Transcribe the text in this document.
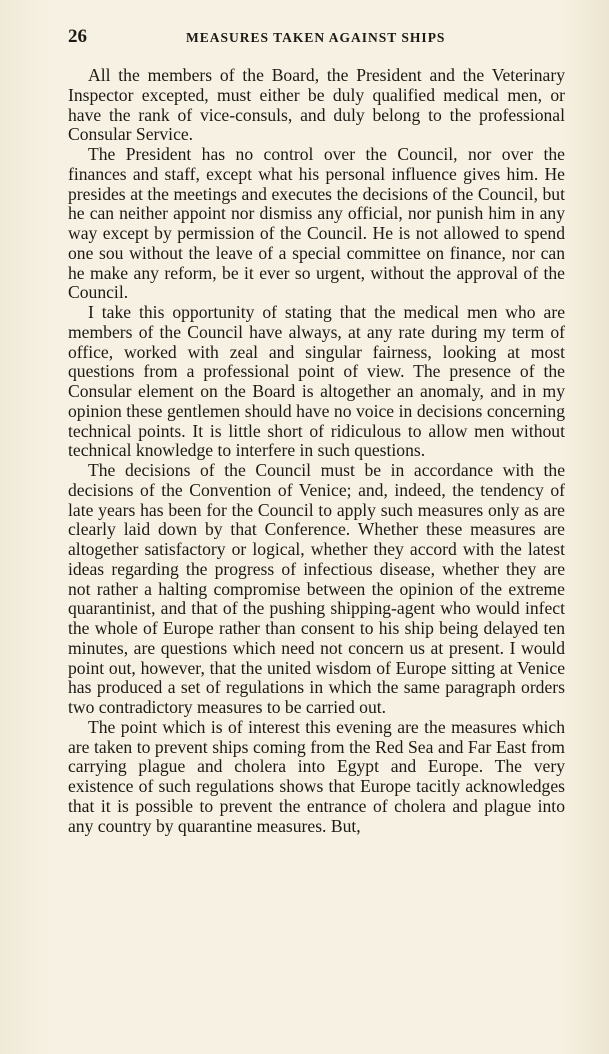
26	MEASURES TAKEN AGAINST SHIPS

All the members of the Board, the President and the Veterinary Inspector excepted, must either be duly qualified medical men, or have the rank of vice-consuls, and duly belong to the professional Consular Service.

The President has no control over the Council, nor over the finances and staff, except what his personal influence gives him. He presides at the meetings and executes the decisions of the Council, but he can neither appoint nor dismiss any official, nor punish him in any way except by permission of the Council. He is not allowed to spend one sou without the leave of a special committee on finance, nor can he make any reform, be it ever so urgent, without the approval of the Council.

I take this opportunity of stating that the medical men who are members of the Council have always, at any rate during my term of office, worked with zeal and singular fairness, looking at most questions from a professional point of view. The presence of the Consular element on the Board is altogether an anomaly, and in my opinion these gentlemen should have no voice in decisions concerning technical points. It is little short of ridiculous to allow men without technical knowledge to interfere in such questions.

The decisions of the Council must be in accordance with the decisions of the Convention of Venice; and, indeed, the tendency of late years has been for the Council to apply such measures only as are clearly laid down by that Conference. Whether these measures are altogether satisfactory or logical, whether they accord with the latest ideas regarding the progress of infectious disease, whether they are not rather a halting compromise between the opinion of the extreme quarantinist, and that of the pushing shipping-agent who would infect the whole of Europe rather than consent to his ship being delayed ten minutes, are questions which need not concern us at present. I would point out, however, that the united wisdom of Europe sitting at Venice has produced a set of regulations in which the same paragraph orders two contradictory measures to be carried out.

The point which is of interest this evening are the measures which are taken to prevent ships coming from the Red Sea and Far East from carrying plague and cholera into Egypt and Europe. The very existence of such regulations shows that Europe tacitly acknowledges that it is possible to prevent the entrance of cholera and plague into any country by quarantine measures. But,
